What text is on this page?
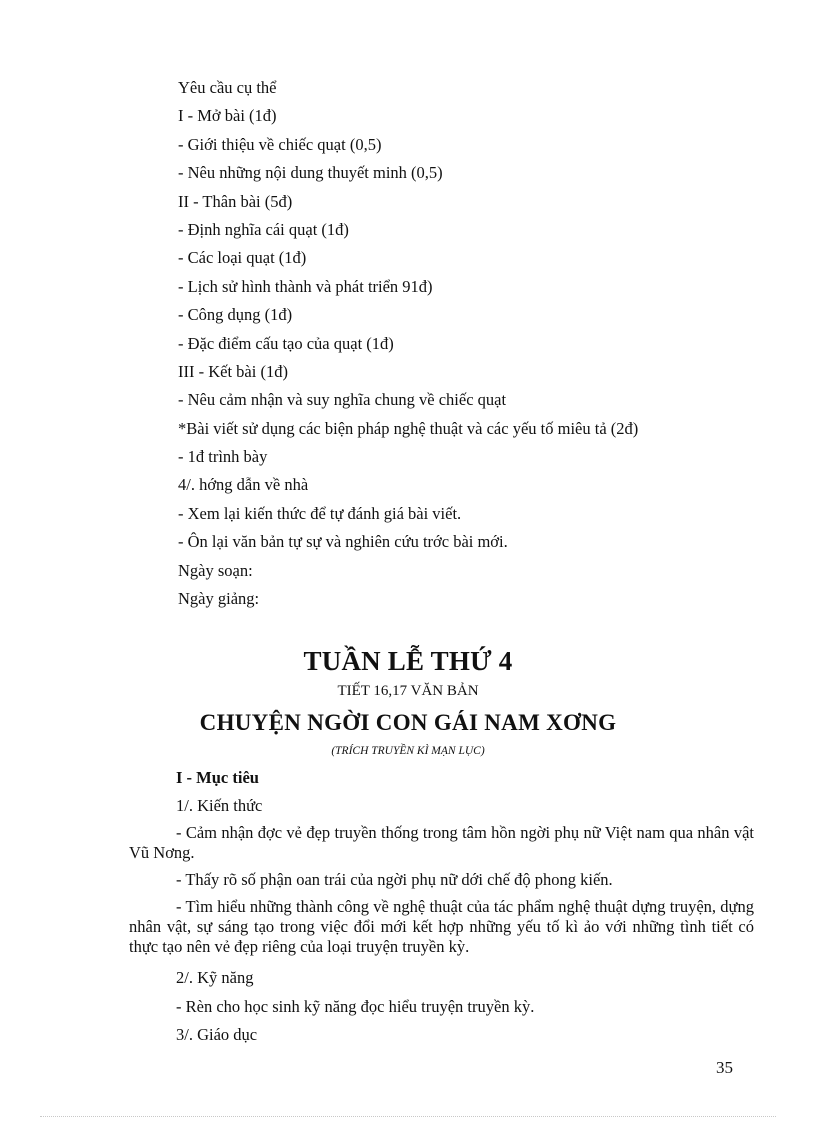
Yêu cầu cụ thể
I - Mở bài (1đ)
- Giới thiệu về chiếc quạt (0,5)
- Nêu những nội dung thuyết minh (0,5)
II - Thân bài (5đ)
- Định nghĩa cái quạt (1đ)
- Các loại quạt (1đ)
- Lịch sử hình thành và phát triển 91đ)
- Công dụng (1đ)
- Đặc điểm cấu tạo của quạt (1đ)
III - Kết bài (1đ)
- Nêu cảm nhận và suy nghĩa chung về chiếc quạt
*Bài viết sử dụng các biện pháp nghệ thuật và các yếu tố miêu tả (2đ)
- 1đ trình bày
4/. hớng dẫn về nhà
- Xem lại kiến thức để tự đánh giá bài viết.
- Ôn lại văn bản tự sự và nghiên cứu trớc bài mới.
Ngày soạn:
Ngày giảng:
TUẦN LỄ THỨ 4
TIẾT 16,17 VĂN BẢN
CHUYỆN NGỜI CON GÁI NAM XƠNG
(TRÍCH TRUYỀN KÌ MẠN LỤC)
I - Mục tiêu
1/. Kiến thức
- Cảm nhận đợc vẻ đẹp truyền thống trong tâm hồn ngời phụ nữ Việt nam qua nhân vật Vũ Nơng.
- Thấy rõ số phận oan trái của ngời phụ nữ dới chế độ phong kiến.
- Tìm hiểu những thành công về nghệ thuật của tác phẩm nghệ thuật dựng truyện, dựng nhân vật, sự sáng tạo trong việc đổi mới kết hợp những yếu tố kì ảo với những tình tiết có thực tạo nên vẻ đẹp riêng của loại truyện truyền kỳ.
2/. Kỹ năng
- Rèn cho học sinh kỹ năng đọc hiểu truyện truyền kỳ.
3/. Giáo dục
35
